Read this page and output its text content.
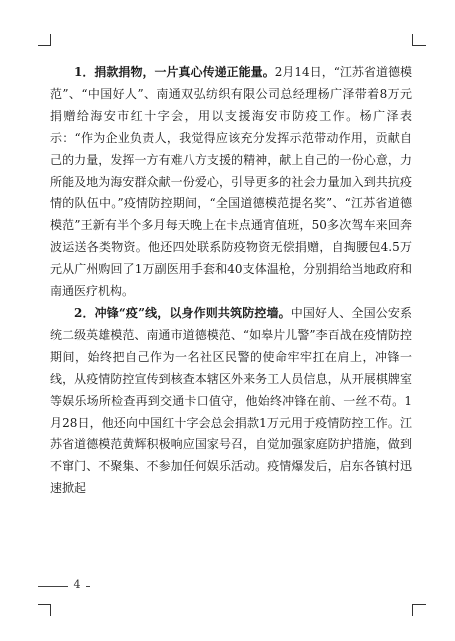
1．捐款捐物，一片真心传递正能量。2月14日，“江苏省道德模范”、“中国好人”、南通双弘纺织有限公司总经理杨广泽带着8万元捐赠给海安市红十字会，用以支援海安市防疫工作。杨广泽表示：“作为企业负责人，我觉得应该充分发挥示范带动作用，贡献自己的力量，发挥一方有难八方支援的精神，献上自己的一份心意，力所能及地为海安群众献一份爱心，引导更多的社会力量加入到共抗疫情的队伍中。”疫情防控期间，“全国道德模范提名奖”、“江苏省道德模范”王新有半个多月每天晚上在卡点通宵值班，50多次驾车来回奔波运送各类物资。他还四处联系防疫物资无偿捐赠，自掏腰包4.5万元从广州购回了1万副医用手套和40支体温枪，分别捐给当地政府和南通医疗机构。

2．冲锋“疫”线，以身作则共筑防控墙。中国好人、全国公安系统二级英雄模范、南通市道德模范、“如皋片儿警”李百战在疫情防控期间，始终把自己作为一名社区民警的使命牢牢扛在肩上，冲锋一线，从疫情防控宣传到核查本辖区外来务工人员信息，从开展棋牌室等娱乐场所检查再到交通卡口值守，他始终冲锋在前、一丝不苟。1月28日，他还向中国红十字会总会捐款1万元用于疫情防控工作。江苏省道德模范黄辉积极响应国家号召，自觉加强家庭防护措施，做到不窜门、不聚集、不参加任何娱乐活动。疫情爆发后，启东各镇村迅速掀起

4
